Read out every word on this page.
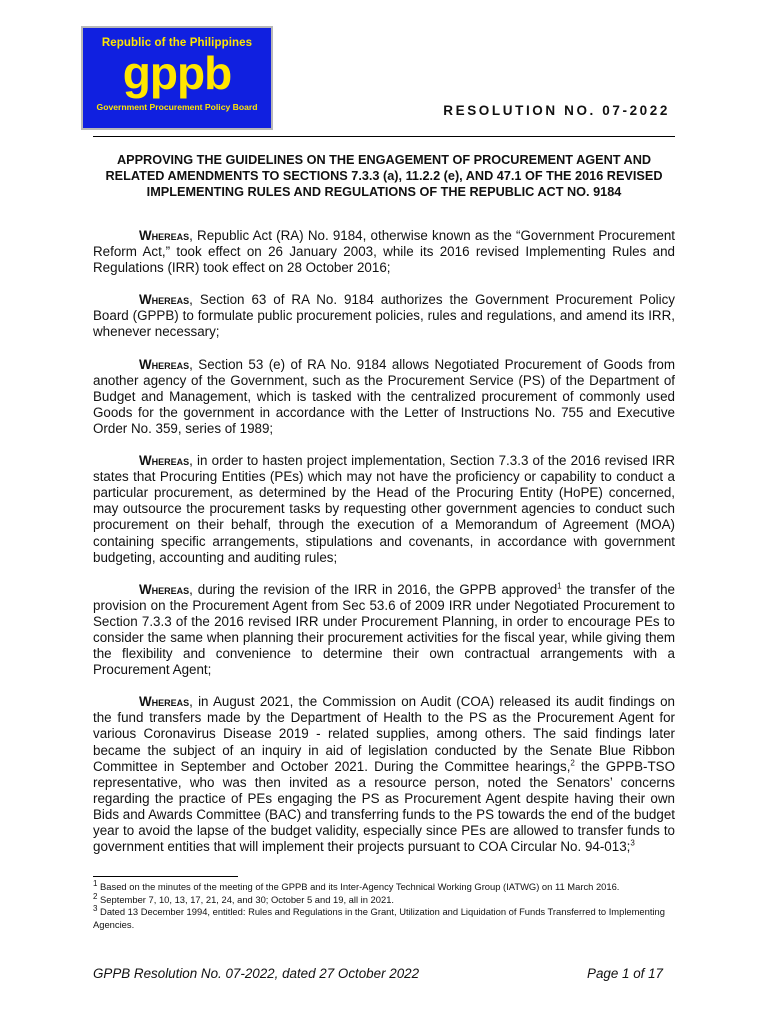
Republic of the Philippines
gppb
Government Procurement Policy Board	RESOLUTION NO. 07-2022
APPROVING THE GUIDELINES ON THE ENGAGEMENT OF PROCUREMENT AGENT AND RELATED AMENDMENTS TO SECTIONS 7.3.3 (a), 11.2.2 (e), AND 47.1 OF THE 2016 REVISED IMPLEMENTING RULES AND REGULATIONS OF THE REPUBLIC ACT NO. 9184

Whereas, Republic Act (RA) No. 9184, otherwise known as the “Government Procurement Reform Act,” took effect on 26 January 2003, while its 2016 revised Implementing Rules and Regulations (IRR) took effect on 28 October 2016;

Whereas, Section 63 of RA No. 9184 authorizes the Government Procurement Policy Board (GPPB) to formulate public procurement policies, rules and regulations, and amend its IRR, whenever necessary;

Whereas, Section 53 (e) of RA No. 9184 allows Negotiated Procurement of Goods from another agency of the Government, such as the Procurement Service (PS) of the Department of Budget and Management, which is tasked with the centralized procurement of commonly used Goods for the government in accordance with the Letter of Instructions No. 755 and Executive Order No. 359, series of 1989;

Whereas, in order to hasten project implementation, Section 7.3.3 of the 2016 revised IRR states that Procuring Entities (PEs) which may not have the proficiency or capability to conduct a particular procurement, as determined by the Head of the Procuring Entity (HoPE) concerned, may outsource the procurement tasks by requesting other government agencies to conduct such procurement on their behalf, through the execution of a Memorandum of Agreement (MOA) containing specific arrangements, stipulations and covenants, in accordance with government budgeting, accounting and auditing rules;

Whereas, during the revision of the IRR in 2016, the GPPB approved$^1$ the transfer of the provision on the Procurement Agent from Sec 53.6 of 2009 IRR under Negotiated Procurement to Section 7.3.3 of the 2016 revised IRR under Procurement Planning, in order to encourage PEs to consider the same when planning their procurement activities for the fiscal year, while giving them the flexibility and convenience to determine their own contractual arrangements with a Procurement Agent;

Whereas, in August 2021, the Commission on Audit (COA) released its audit findings on the fund transfers made by the Department of Health to the PS as the Procurement Agent for various Coronavirus Disease 2019 - related supplies, among others. The said findings later became the subject of an inquiry in aid of legislation conducted by the Senate Blue Ribbon Committee in September and October 2021. During the Committee hearings,$^2$ the GPPB-TSO representative, who was then invited as a resource person, noted the Senators’ concerns regarding the practice of PEs engaging the PS as Procurement Agent despite having their own Bids and Awards Committee (BAC) and transferring funds to the PS towards the end of the budget year to avoid the lapse of the budget validity, especially since PEs are allowed to transfer funds to government entities that will implement their projects pursuant to COA Circular No. 94-013;$^3$

$^1$ Based on the minutes of the meeting of the GPPB and its Inter-Agency Technical Working Group (IATWG) on 11 March 2016.
$^2$ September 7, 10, 13, 17, 21, 24, and 30; October 5 and 19, all in 2021.
$^3$ Dated 13 December 1994, entitled: Rules and Regulations in the Grant, Utilization and Liquidation of Funds Transferred to Implementing Agencies.
GPPB Resolution No. 07-2022, dated 27 October 2022	Page 1 of 17
